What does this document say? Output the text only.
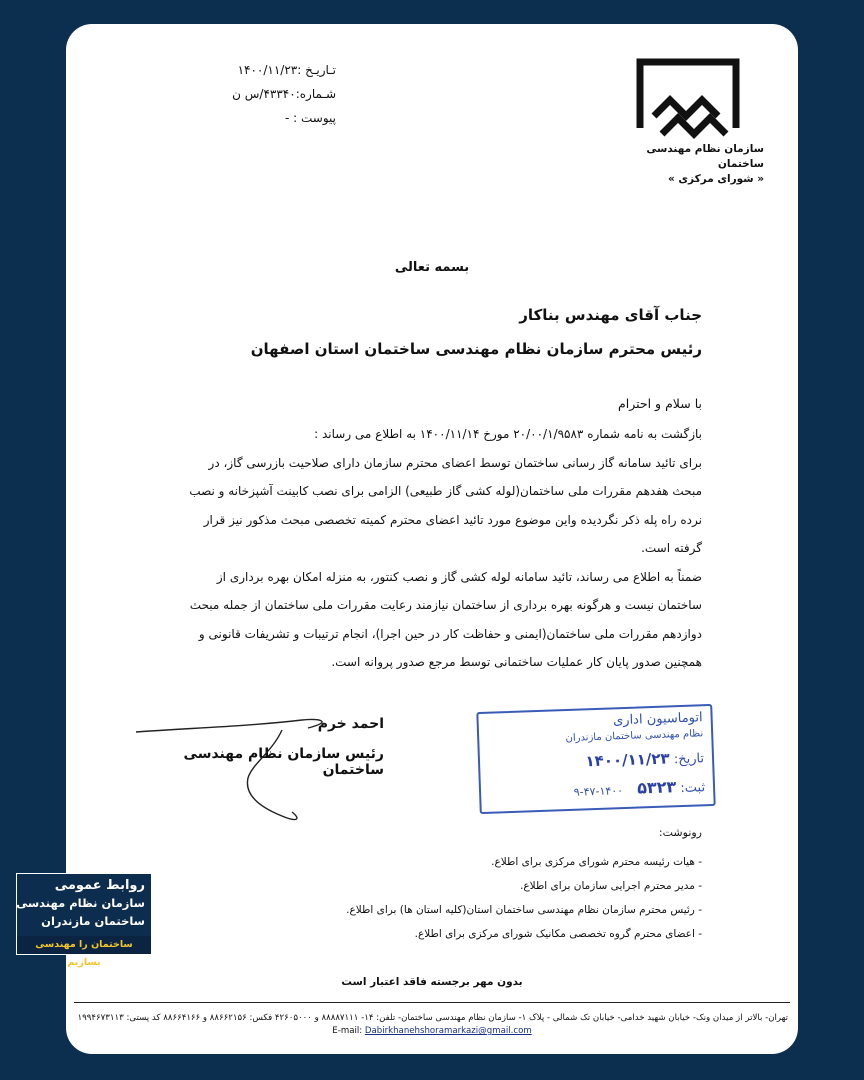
تـاریـخ :۱۴۰۰/۱۱/۲۳
شـماره:۴۳۳۴۰/س ن
پیوست : -
سازمان نظام مهندسی ساختمان
« شورای مرکزی »
بسمه تعالی
جناب آقای مهندس بناکار
رئیس محترم سازمان نظام مهندسی ساختمان استان اصفهان
با سلام و احترام

بازگشت به نامه شماره ۲۰/۰۰/۱/۹۵۸۳ مورخ ۱۴۰۰/۱۱/۱۴ به اطلاع می رساند :

برای تائید سامانه گاز رسانی ساختمان توسط اعضای محترم سازمان دارای صلاحیت بازرسی گاز، در

مبحث هفدهم مقررات ملی ساختمان(لوله کشی گاز طبیعی) الزامی برای نصب کابینت آشپزخانه و نصب

نرده راه پله ذکر نگردیده واین موضوع مورد تائید اعضای محترم کمیته تخصصی مبحث مذکور نیز قرار

گرفته است.

ضمناً به اطلاع می رساند، تائید سامانه لوله کشی گاز و نصب کنتور، به منزله امکان بهره برداری از

ساختمان نیست و هرگونه بهره برداری از ساختمان نیازمند رعایت مقررات ملی ساختمان از جمله مبحث

دوازدهم مقررات ملی ساختمان(ایمنی و حفاظت کار در حین اجرا)، انجام ترتیبات و تشریفات قانونی و

همچنین صدور پایان کار عملیات ساختمانی توسط مرجع صدور پروانه است.

احمد خرم
رئیس سازمان نظام مهندسی ساختمان
اتوماسیون اداری
نظام مهندسی ساختمان مازندران
تاریخ: ۱۴۰۰/۱۱/۲۳
ثبت: ۵۳۲۳ ۱۴۰۰-۴۷-۹
رونوشت:
- هیات رئیسه محترم شورای مرکزی برای اطلاع.
- مدیر محترم اجرایی سازمان برای اطلاع.
- رئیس محترم سازمان نظام مهندسی ساختمان استان(کلیه استان ها) برای اطلاع.
- اعضای محترم گروه تخصصی مکانیک شورای مرکزی برای اطلاع.
بدون مهر برجسته فاقد اعتبار است
تهران- بالاتر از میدان ونک- خیابان شهید خدامی- خیابان تک شمالی - پلاک ۱- سازمان نظام مهندسی ساختمان- تلفن: ۱۴- ۸۸۸۸۷۱۱۱ و ۴۲۶۰۵۰۰۰ فکس: ۸۸۶۶۲۱۵۶ و ۸۸۶۶۴۱۶۶ کد پستی: ۱۹۹۴۶۷۳۱۱۳
E-mail: Dabirkhanehshoramarkazi@gmail.com
روابط عمومی
سازمان نظام مهندسی
ساختمان مازندران
ساختمان را مهندسی بسازیم
